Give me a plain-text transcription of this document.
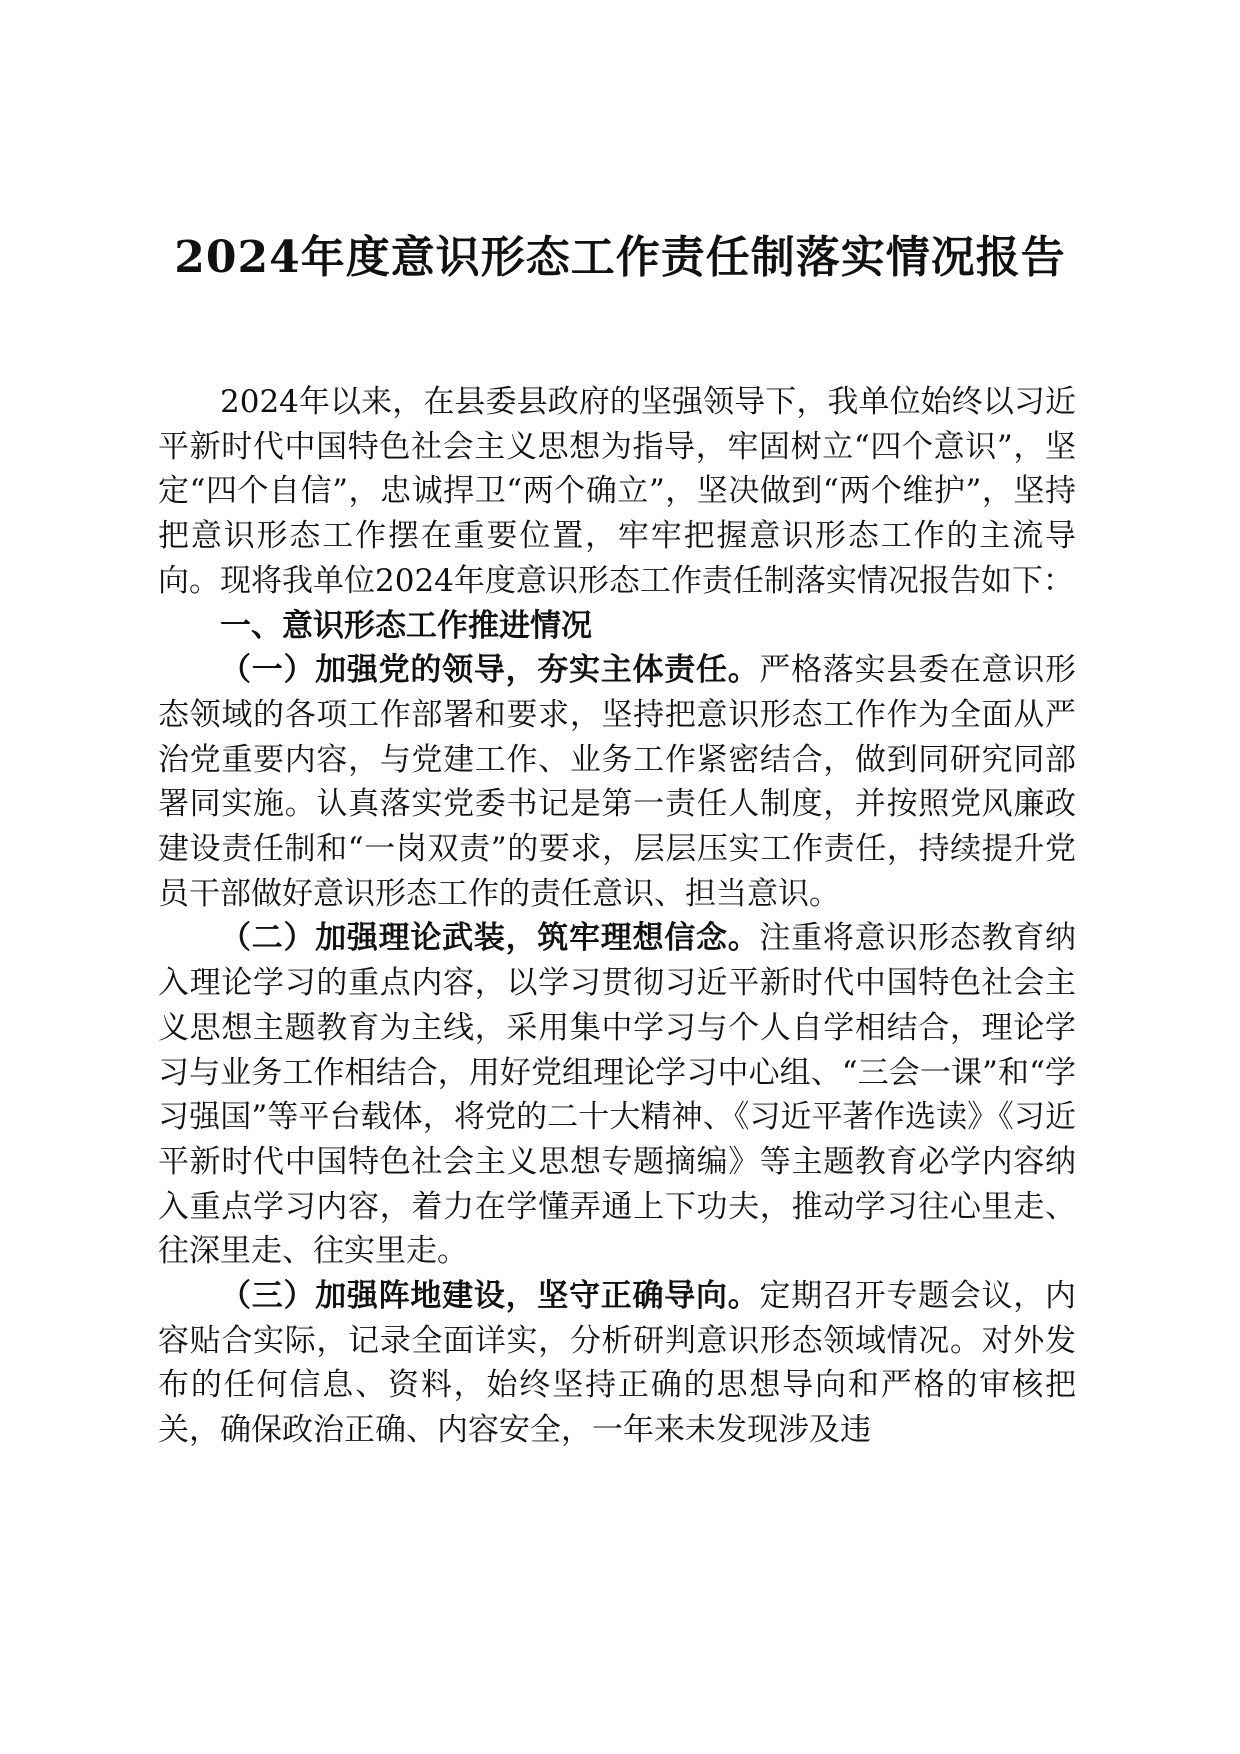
2024年度意识形态工作责任制落实情况报告

2024年以来，在县委县政府的坚强领导下，我单位始终以习近平新时代中国特色社会主义思想为指导，牢固树立“四个意识”，坚定“四个自信”，忠诚捍卫“两个确立”，坚决做到“两个维护”，坚持把意识形态工作摆在重要位置，牢牢把握意识形态工作的主流导向。现将我单位2024年度意识形态工作责任制落实情况报告如下：

一、意识形态工作推进情况

（一）加强党的领导，夯实主体责任。严格落实县委在意识形态领域的各项工作部署和要求，坚持把意识形态工作作为全面从严治党重要内容，与党建工作、业务工作紧密结合，做到同研究同部署同实施。认真落实党委书记是第一责任人制度，并按照党风廉政建设责任制和“一岗双责”的要求，层层压实工作责任，持续提升党员干部做好意识形态工作的责任意识、担当意识。

（二）加强理论武装，筑牢理想信念。注重将意识形态教育纳入理论学习的重点内容，以学习贯彻习近平新时代中国特色社会主义思想主题教育为主线，采用集中学习与个人自学相结合，理论学习与业务工作相结合，用好党组理论学习中心组、“三会一课”和“学习强国”等平台载体，将党的二十大精神、《习近平著作选读》《习近平新时代中国特色社会主义思想专题摘编》等主题教育必学内容纳入重点学习内容，着力在学懂弄通上下功夫，推动学习往心里走、往深里走、往实里走。

（三）加强阵地建设，坚守正确导向。定期召开专题会议，内容贴合实际，记录全面详实，分析研判意识形态领域情况。对外发布的任何信息、资料，始终坚持正确的思想导向和严格的审核把关，确保政治正确、内容安全，一年来未发现涉及违
